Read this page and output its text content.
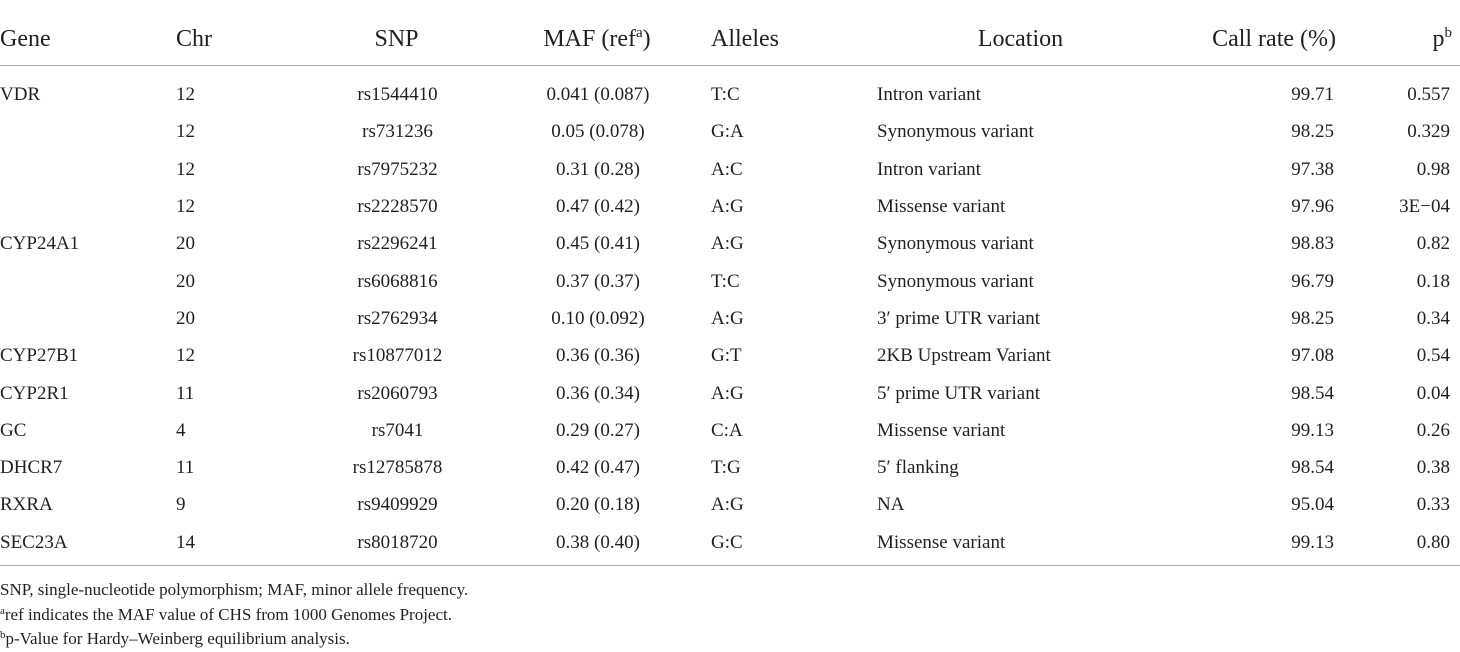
Gene	Chr	SNP	MAF (ref$^a$)	Alleles	Location	Call rate (%)	$p^b$
VDR	12	rs1544410	0.041 (0.087)	T:C	Intron variant	99.71	0.557
	12	rs731236	0.05 (0.078)	G:A	Synonymous variant	98.25	0.329
	12	rs7975232	0.31 (0.28)	A:C	Intron variant	97.38	0.98
	12	rs2228570	0.47 (0.42)	A:G	Missense variant	97.96	3E−04
CYP24A1	20	rs2296241	0.45 (0.41)	A:G	Synonymous variant	98.83	0.82
	20	rs6068816	0.37 (0.37)	T:C	Synonymous variant	96.79	0.18
	20	rs2762934	0.10 (0.092)	A:G	3′ prime UTR variant	98.25	0.34
CYP27B1	12	rs10877012	0.36 (0.36)	G:T	2KB Upstream Variant	97.08	0.54
CYP2R1	11	rs2060793	0.36 (0.34)	A:G	5′ prime UTR variant	98.54	0.04
GC	4	rs7041	0.29 (0.27)	C:A	Missense variant	99.13	0.26
DHCR7	11	rs12785878	0.42 (0.47)	T:G	5′ flanking	98.54	0.38
RXRA	9	rs9409929	0.20 (0.18)	A:G	NA	95.04	0.33
SEC23A	14	rs8018720	0.38 (0.40)	G:C	Missense variant	99.13	0.80

SNP, single-nucleotide polymorphism; MAF, minor allele frequency.

$^a$ref indicates the MAF value of CHS from 1000 Genomes Project.

$^b$p-Value for Hardy–Weinberg equilibrium analysis.
